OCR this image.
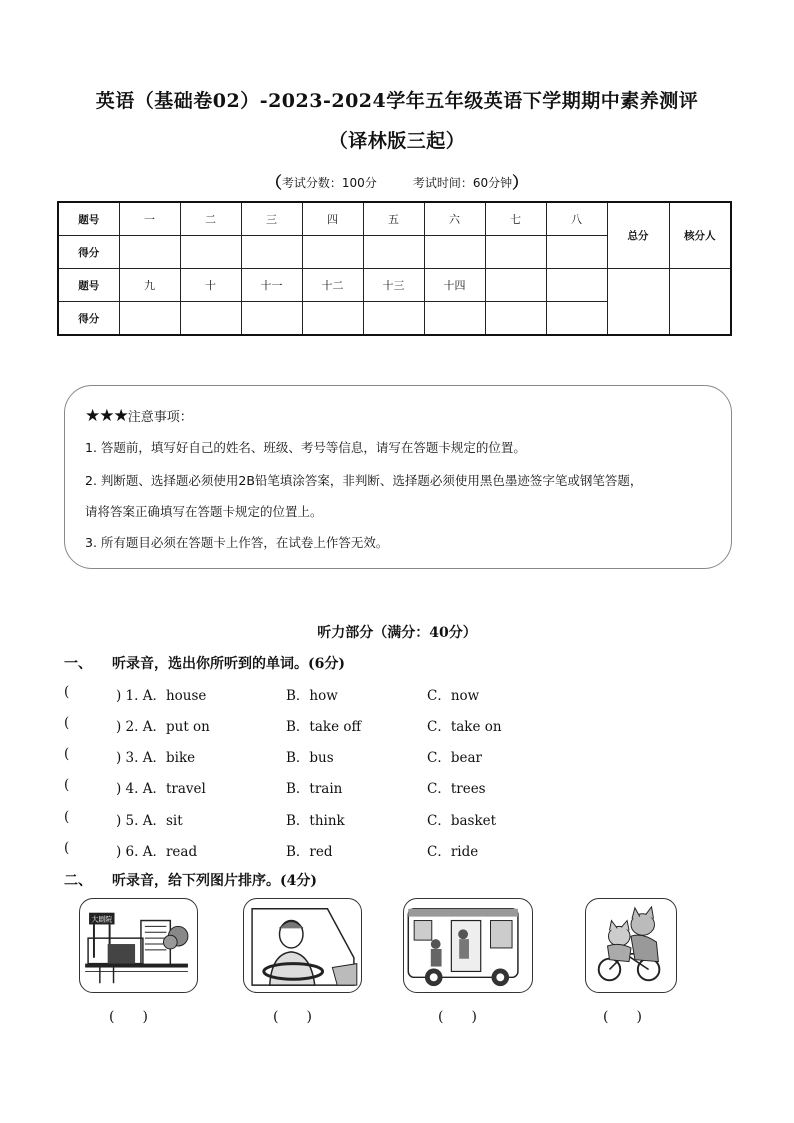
英语（基础卷02）-2023-2024学年五年级英语下学期期中素养测评
（译林版三起）
（考试分数：100分	考试时间：60分钟）
题号	一	二	三	四	五	六	七	八	总分	核分人
得分										
题号	九	十	十一	十二	十三	十四				
得分										
★★★注意事项：
1. 答题前，填写好自己的姓名、班级、考号等信息，请写在答题卡规定的位置。
2. 判断题、选择题必须使用2B铅笔填涂答案，非判断、选择题必须使用黑色墨迹签字笔或钢笔答题，
请将答案正确填写在答题卡规定的位置上。
3. 所有题目必须在答题卡上作答，在试卷上作答无效。
听力部分（满分：40分）
一、 听录音，选出你所听到的单词。(6分)
(	) 1. A．house	B．how	C．now
(	) 2. A．put on	B．take off	C．take on
(	) 3. A．bike	B．bus	C．bear
(	) 4. A．travel	B．train	C．trees
(	) 5. A．sit	B．think	C．basket
(	) 6. A．read	B．red	C．ride
二、 听录音，给下列图片排序。(4分)
大剧院
(　　)	(　　)	(　　)	(　　)
